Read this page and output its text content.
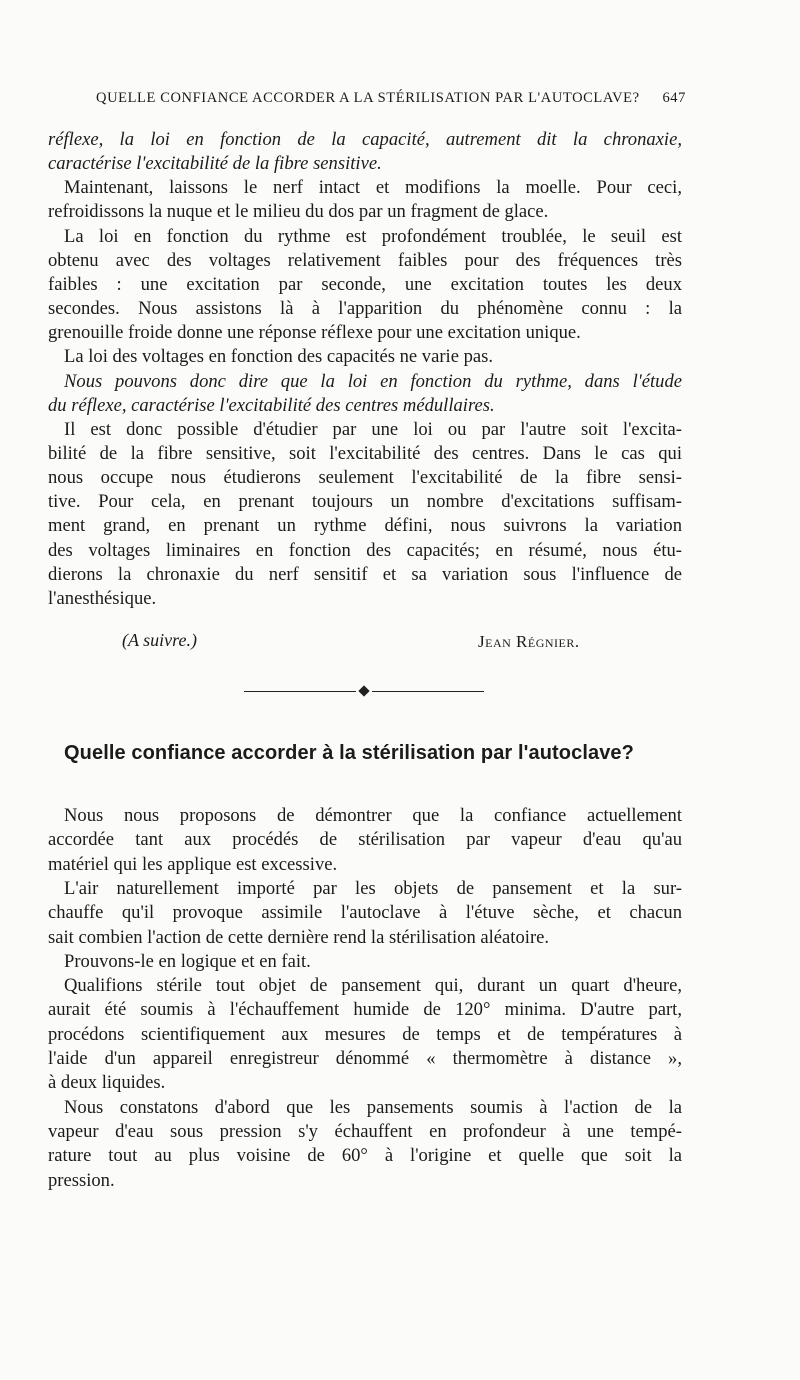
QUELLE CONFIANCE ACCORDER A LA STÉRILISATION PAR L'AUTOCLAVE? 647
réflexe, la loi en fonction de la capacité, autrement dit la chronaxie,
caractérise l'excitabilité de la fibre sensitive.
Maintenant, laissons le nerf intact et modifions la moelle. Pour ceci,
refroidissons la nuque et le milieu du dos par un fragment de glace.
La loi en fonction du rythme est profondément troublée, le seuil est
obtenu avec des voltages relativement faibles pour des fréquences très
faibles : une excitation par seconde, une excitation toutes les deux
secondes. Nous assistons là à l'apparition du phénomène connu : la
grenouille froide donne une réponse réflexe pour une excitation unique.
La loi des voltages en fonction des capacités ne varie pas.
Nous pouvons donc dire que la loi en fonction du rythme, dans l'étude
du réflexe, caractérise l'excitabilité des centres médullaires.
Il est donc possible d'étudier par une loi ou par l'autre soit l'excita-
bilité de la fibre sensitive, soit l'excitabilité des centres. Dans le cas qui
nous occupe nous étudierons seulement l'excitabilité de la fibre sensi-
tive. Pour cela, en prenant toujours un nombre d'excitations suffisam-
ment grand, en prenant un rythme défini, nous suivrons la variation
des voltages liminaires en fonction des capacités; en résumé, nous étu-
dierons la chronaxie du nerf sensitif et sa variation sous l'influence de
l'anesthésique.
(A suivre.)	Jean Régnier.
Quelle confiance accorder à la stérilisation par l'autoclave?
Nous nous proposons de démontrer que la confiance actuellement
accordée tant aux procédés de stérilisation par vapeur d'eau qu'au
matériel qui les applique est excessive.
L'air naturellement importé par les objets de pansement et la sur-
chauffe qu'il provoque assimile l'autoclave à l'étuve sèche, et chacun
sait combien l'action de cette dernière rend la stérilisation aléatoire.
Prouvons-le en logique et en fait.
Qualifions stérile tout objet de pansement qui, durant un quart d'heure,
aurait été soumis à l'échauffement humide de 120° minima. D'autre part,
procédons scientifiquement aux mesures de temps et de températures à
l'aide d'un appareil enregistreur dénommé « thermomètre à distance »,
à deux liquides.
Nous constatons d'abord que les pansements soumis à l'action de la
vapeur d'eau sous pression s'y échauffent en profondeur à une tempé-
rature tout au plus voisine de 60° à l'origine et quelle que soit la
pression.
